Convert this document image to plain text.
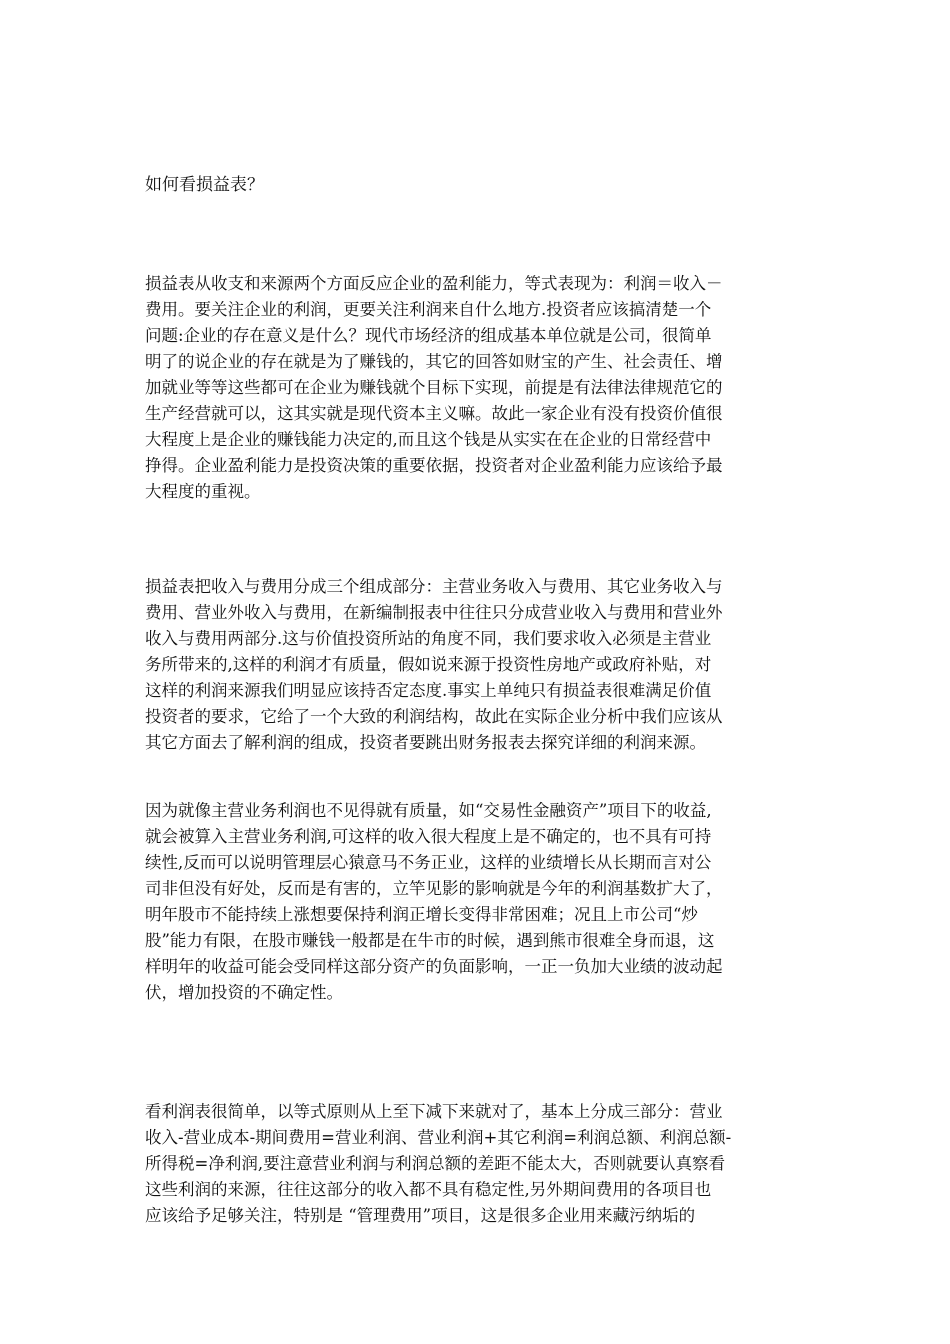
如何看损益表？
损益表从收支和来源两个方面反应企业的盈利能力，等式表现为：利润＝收入－
费用。要关注企业的利润，更要关注利润来自什么地方.投资者应该搞清楚一个
问题:企业的存在意义是什么？现代市场经济的组成基本单位就是公司，很简单
明了的说企业的存在就是为了赚钱的，其它的回答如财宝的产生、社会责任、增
加就业等等这些都可在企业为赚钱就个目标下实现，前提是有法律法律规范它的
生产经营就可以，这其实就是现代资本主义嘛。故此一家企业有没有投资价值很
大程度上是企业的赚钱能力决定的,而且这个钱是从实实在在企业的日常经营中
挣得。企业盈利能力是投资决策的重要依据，投资者对企业盈利能力应该给予最
大程度的重视。
损益表把收入与费用分成三个组成部分：主营业务收入与费用、其它业务收入与
费用、营业外收入与费用，在新编制报表中往往只分成营业收入与费用和营业外
收入与费用两部分.这与价值投资所站的角度不同，我们要求收入必须是主营业
务所带来的,这样的利润才有质量，假如说来源于投资性房地产或政府补贴，对
这样的利润来源我们明显应该持否定态度.事实上单纯只有损益表很难满足价值
投资者的要求，它给了一个大致的利润结构，故此在实际企业分析中我们应该从
其它方面去了解利润的组成，投资者要跳出财务报表去探究详细的利润来源。
因为就像主营业务利润也不见得就有质量，如“交易性金融资产”项目下的收益,
就会被算入主营业务利润,可这样的收入很大程度上是不确定的，也不具有可持
续性,反而可以说明管理层心猿意马不务正业，这样的业绩增长从长期而言对公
司非但没有好处，反而是有害的，立竿见影的影响就是今年的利润基数扩大了，
明年股市不能持续上涨想要保持利润正增长变得非常困难；况且上市公司“炒
股”能力有限，在股市赚钱一般都是在牛市的时候，遇到熊市很难全身而退，这
样明年的收益可能会受同样这部分资产的负面影响，一正一负加大业绩的波动起
伏，增加投资的不确定性。
看利润表很简单，以等式原则从上至下减下来就对了，基本上分成三部分：营业
收入-营业成本-期间费用=营业利润、营业利润+其它利润=利润总额、利润总额-
所得税=净利润,要注意营业利润与利润总额的差距不能太大，否则就要认真察看
这些利润的来源，往往这部分的收入都不具有稳定性,另外期间费用的各项目也
应该给予足够关注，特别是 “管理费用”项目，这是很多企业用来藏污纳垢的
